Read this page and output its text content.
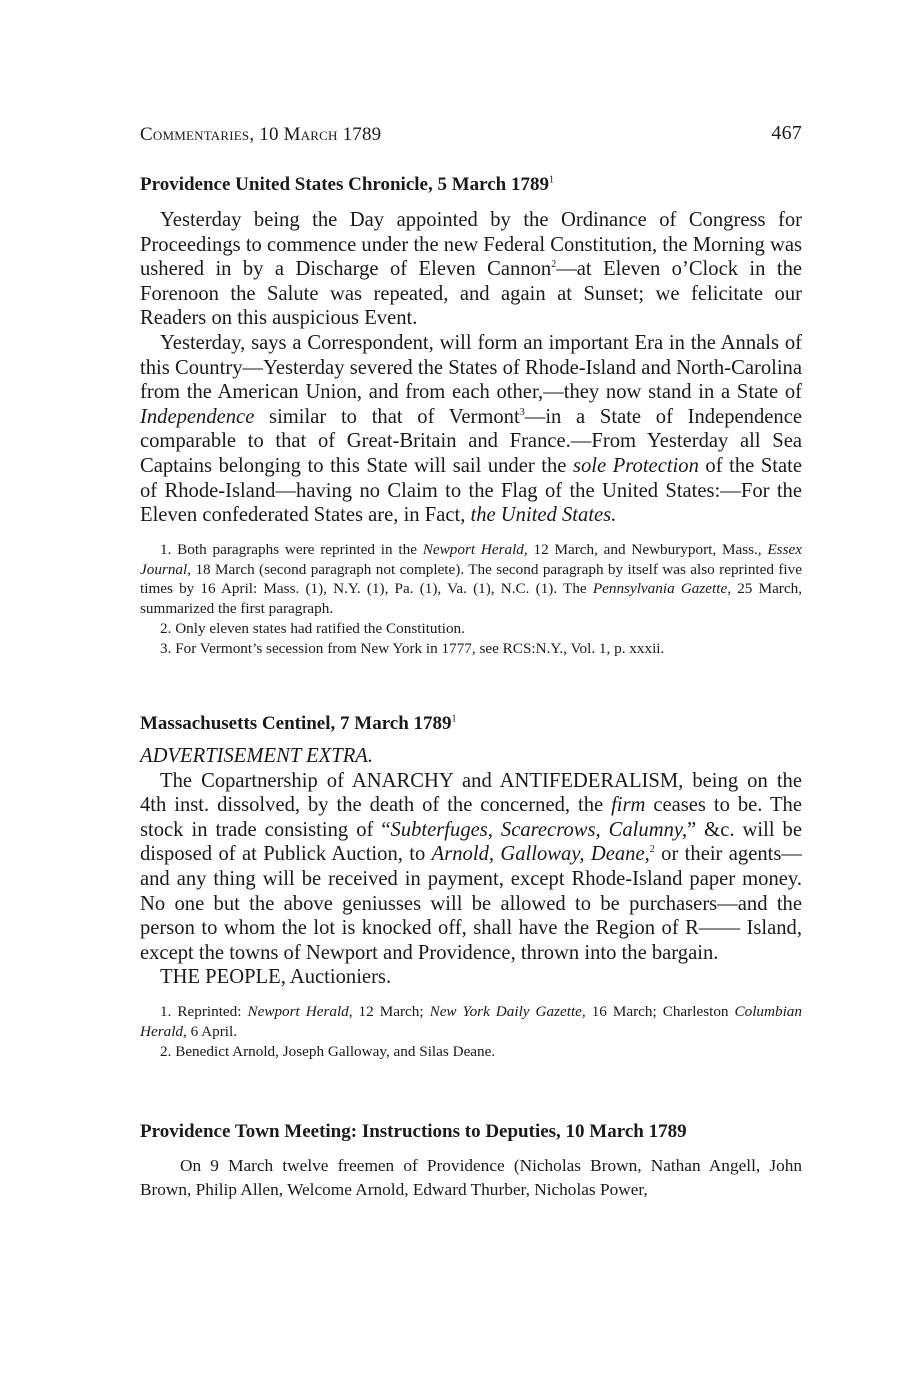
Commentaries, 10 March 1789	467
Providence United States Chronicle, 5 March 1789$^1$

Yesterday being the Day appointed by the Ordinance of Congress for Proceedings to commence under the new Federal Constitution, the Morning was ushered in by a Discharge of Eleven Cannon$^2$—at Eleven o’Clock in the Forenoon the Salute was repeated, and again at Sunset; we felicitate our Readers on this auspicious Event.

Yesterday, says a Correspondent, will form an important Era in the Annals of this Country—Yesterday severed the States of Rhode-Island and North-Carolina from the American Union, and from each other,—they now stand in a State of Independence similar to that of Vermont$^3$—in a State of Independence comparable to that of Great-Britain and France.—From Yesterday all Sea Captains belonging to this State will sail under the sole Protection of the State of Rhode-Island—having no Claim to the Flag of the United States:—For the Eleven confederated States are, in Fact, the United States.

1. Both paragraphs were reprinted in the Newport Herald, 12 March, and Newburyport, Mass., Essex Journal, 18 March (second paragraph not complete). The second paragraph by itself was also reprinted five times by 16 April: Mass. (1), N.Y. (1), Pa. (1), Va. (1), N.C. (1). The Pennsylvania Gazette, 25 March, summarized the first paragraph.

2. Only eleven states had ratified the Constitution.

3. For Vermont’s secession from New York in 1777, see RCS:N.Y., Vol. 1, p. xxxii.

Massachusetts Centinel, 7 March 1789$^1$

ADVERTISEMENT EXTRA.

The Copartnership of ANARCHY and ANTIFEDERALISM, being on the 4th inst. dissolved, by the death of the concerned, the firm ceases to be. The stock in trade consisting of “Subterfuges, Scarecrows, Calumny,” &c. will be disposed of at Publick Auction, to Arnold, Galloway, Deane,$^2$ or their agents—and any thing will be received in payment, except Rhode-Island paper money. No one but the above geniusses will be allowed to be purchasers—and the person to whom the lot is knocked off, shall have the Region of R—— Island, except the towns of Newport and Providence, thrown into the bargain.

THE PEOPLE, Auctioniers.

1. Reprinted: Newport Herald, 12 March; New York Daily Gazette, 16 March; Charleston Columbian Herald, 6 April.

2. Benedict Arnold, Joseph Galloway, and Silas Deane.

Providence Town Meeting: Instructions to Deputies, 10 March 1789

On 9 March twelve freemen of Providence (Nicholas Brown, Nathan Angell, John Brown, Philip Allen, Welcome Arnold, Edward Thurber, Nicholas Power,
